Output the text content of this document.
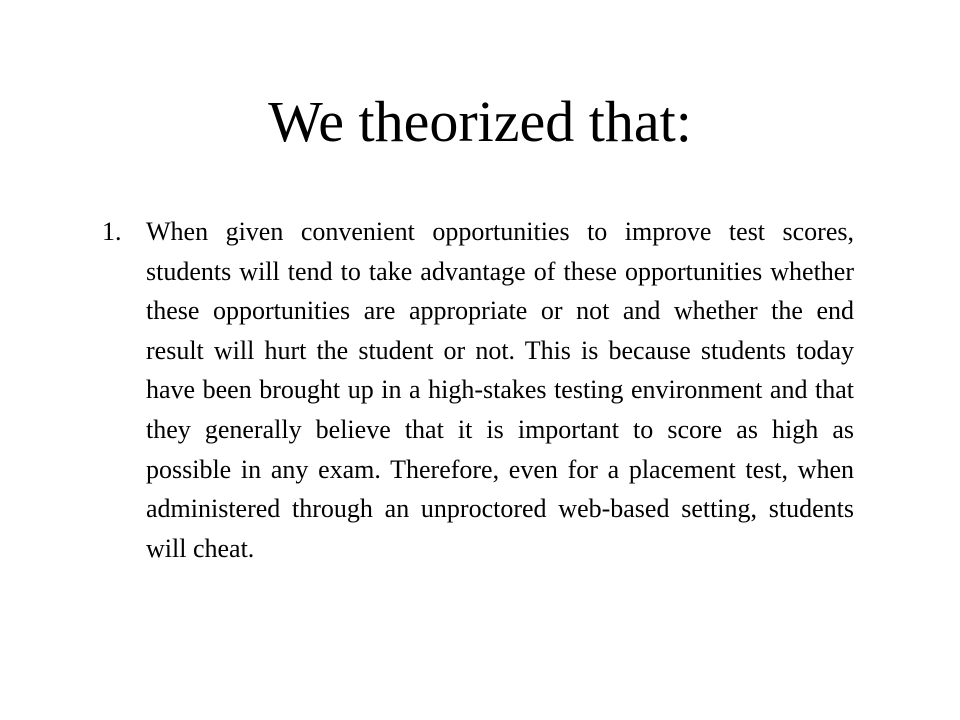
We theorized that:
1. When given convenient opportunities to improve test scores, students will tend to take advantage of these opportunities whether these opportunities are appropriate or not and whether the end result will hurt the student or not. This is because students today have been brought up in a high-stakes testing environment and that they generally believe that it is important to score as high as possible in any exam. Therefore, even for a placement test, when administered through an unproctored web-based setting, students will cheat.
